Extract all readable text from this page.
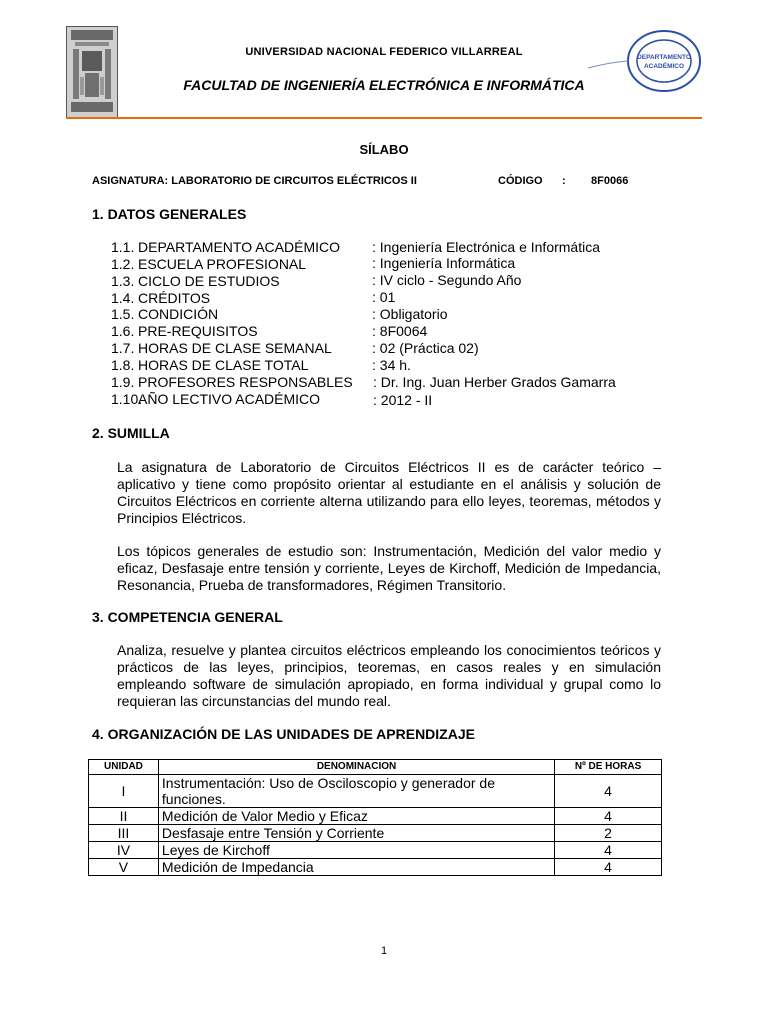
UNIVERSIDAD NACIONAL FEDERICO VILLARREAL
FACULTAD DE INGENIERÍA ELECTRÓNICA E INFORMÁTICA
DEPARTAMENTO
ACADÉMICO
SÍLABO

ASIGNATURA: LABORATORIO DE CIRCUITOS ELÉCTRICOS II

	CÓDIGO

:

8F0066

1. DATOS GENERALES
1.1. DEPARTAMENTO ACADÉMICO : Ingeniería Electrónica e Informática
1.2. ESCUELA PROFESIONAL	: Ingeniería Informática
1.3. CICLO DE ESTUDIOS	: IV ciclo - Segundo Año
1.4. CRÉDITOS	: 01
1.5. CONDICIÓN	: Obligatorio
1.6. PRE-REQUISITOS	: 8F0064
1.7. HORAS DE CLASE SEMANAL	: 02 (Práctica 02)
1.8. HORAS DE CLASE TOTAL	: 34 h.
1.9. PROFESORES RESPONSABLES : Dr. Ing. Juan Herber Grados Gamarra
1.10.AÑO LECTIVO ACADÉMICO	: 2012 - II
2. SUMILLA

La asignatura de Laboratorio de Circuitos Eléctricos II es de carácter teórico – aplicativo y tiene como propósito orientar al estudiante en el análisis y solución de Circuitos Eléctricos en corriente alterna utilizando para ello leyes, teoremas, métodos y Principios Eléctricos.

Los tópicos generales de estudio son: Instrumentación, Medición del valor medio y eficaz, Desfasaje entre tensión y corriente, Leyes de Kirchoff, Medición de Impedancia, Resonancia, Prueba de transformadores, Régimen Transitorio.

3. COMPETENCIA GENERAL

Analiza, resuelve y plantea circuitos eléctricos empleando los conocimientos teóricos y prácticos de las leyes, principios, teoremas, en casos reales y en simulación empleando software de simulación apropiado, en forma individual y grupal como lo requieran las circunstancias del mundo real.

4. ORGANIZACIÓN DE LAS UNIDADES DE APRENDIZAJE
UNIDAD	DENOMINACION	Nº DE HORAS
I	Instrumentación: Uso de Osciloscopio y generador de funciones.	4
II	Medición de Valor Medio y Eficaz	4
III	Desfasaje entre Tensión y Corriente	2
IV	Leyes de Kirchoff	4
V	Medición de Impedancia	4
1
